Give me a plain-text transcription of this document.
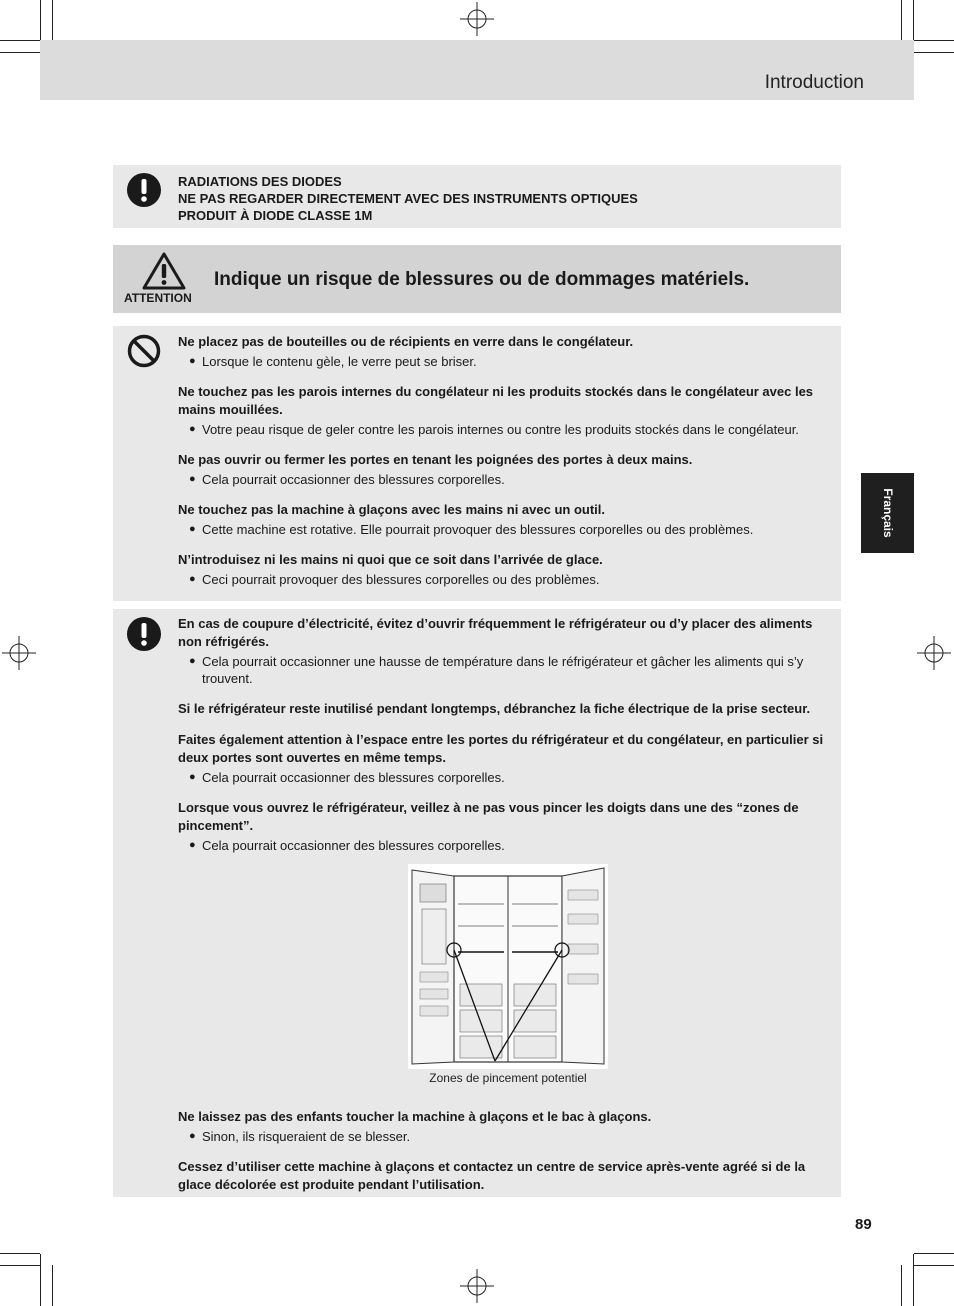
Introduction
Français
RADIATIONS DES DIODES
NE PAS REGARDER DIRECTEMENT AVEC DES INSTRUMENTS OPTIQUES
PRODUIT À DIODE CLASSE 1M
ATTENTION
Indique un risque de blessures ou de dommages matériels.
Ne placez pas de bouteilles ou de récipients en verre dans le congélateur.
● Lorsque le contenu gèle, le verre peut se briser.
Ne touchez pas les parois internes du congélateur ni les produits stockés dans le congélateur avec les mains mouillées.
● Votre peau risque de geler contre les parois internes ou contre les produits stockés dans le congélateur.
Ne pas ouvrir ou fermer les portes en tenant les poignées des portes à deux mains.
● Cela pourrait occasionner des blessures corporelles.
Ne touchez pas la machine à glaçons avec les mains ni avec un outil.
● Cette machine est rotative. Elle pourrait provoquer des blessures corporelles ou des problèmes.
N’introduisez ni les mains ni quoi que ce soit dans l’arrivée de glace.
● Ceci pourrait provoquer des blessures corporelles ou des problèmes.
En cas de coupure d’électricité, évitez d’ouvrir fréquemment le réfrigérateur ou d’y placer des aliments non réfrigérés.
● Cela pourrait occasionner une hausse de température dans le réfrigérateur et gâcher les aliments qui s’y trouvent.
Si le réfrigérateur reste inutilisé pendant longtemps, débranchez la fiche électrique de la prise secteur.
Faites également attention à l’espace entre les portes du réfrigérateur et du congélateur, en particulier si deux portes sont ouvertes en même temps.
● Cela pourrait occasionner des blessures corporelles.
Lorsque vous ouvrez le réfrigérateur, veillez à ne pas vous pincer les doigts dans une des “zones de pincement”.
● Cela pourrait occasionner des blessures corporelles.
Zones de pincement potentiel
Ne laissez pas des enfants toucher la machine à glaçons et le bac à glaçons.
● Sinon, ils risqueraient de se blesser.
Cessez d’utiliser cette machine à glaçons et contactez un centre de service après-vente agréé si de la glace décolorée est produite pendant l’utilisation.
89
